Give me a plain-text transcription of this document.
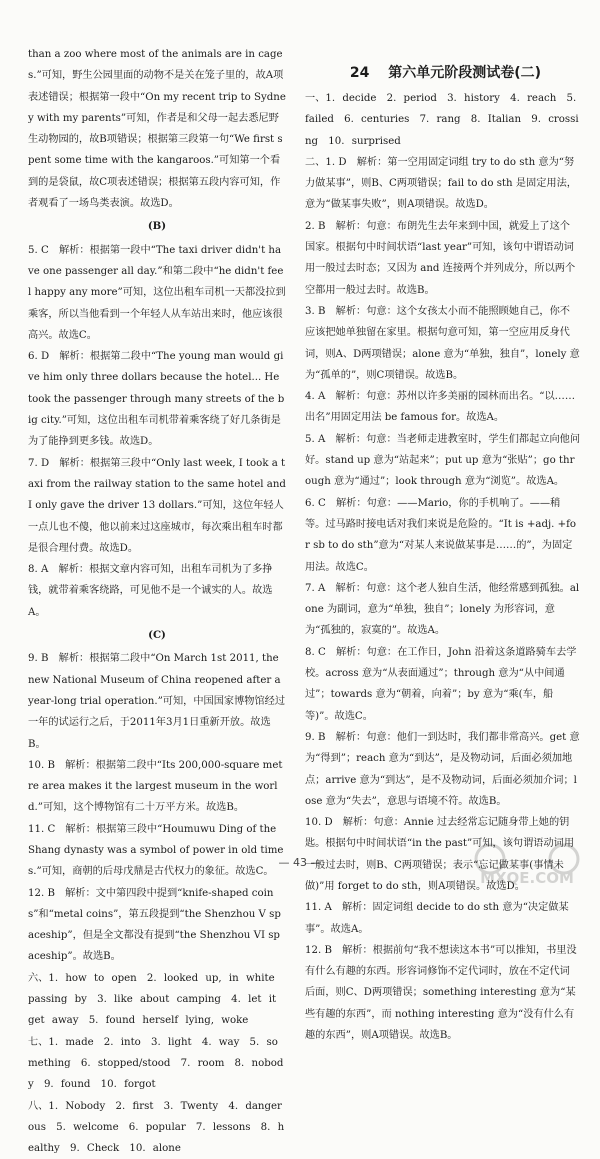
than a zoo where most of the animals are in cages.”可知，野生公园里面的动物不是关在笼子里的，故A项表述错误；根据第一段中“On my recent trip to Sydney with my parents”可知，作者是和父母一起去悉尼野生动物园的，故B项错误；根据第三段第一句“We first spent some time with the kangaroos.”可知第一个看到的是袋鼠，故C项表述错误；根据第五段内容可知，作者观看了一场鸟类表演。故选D。

(B)

5. C　解析：根据第一段中“The taxi driver didn't have one passenger all day.”和第二段中“he didn't feel happy any more”可知，这位出租车司机一天都没拉到乘客，所以当他看到一个年轻人从车站出来时，他应该很高兴。故选C。

6. D　解析：根据第二段中“The young man would give him only three dollars because the hotel... He took the passenger through many streets of the big city.”可知，这位出租车司机带着乘客绕了好几条街是为了能挣到更多钱。故选D。

7. D　解析：根据第三段中“Only last week, I took a taxi from the railway station to the same hotel and I only gave the driver 13 dollars.”可知，这位年轻人一点儿也不傻，他以前来过这座城市，每次乘出租车时都是很合理付费。故选D。

8. A　解析：根据文章内容可知，出租车司机为了多挣钱，就带着乘客绕路，可见他不是一个诚实的人。故选A。

(C)

9. B　解析：根据第二段中“On March 1st 2011, the new National Museum of China reopened after a year-long trial operation.”可知，中国国家博物馆经过一年的试运行之后，于2011年3月1日重新开放。故选B。

10. B　解析：根据第二段中“Its 200,000-square metre area makes it the largest museum in the world.”可知，这个博物馆有二十万平方米。故选B。

11. C　解析：根据第三段中“Houmuwu Ding of the Shang dynasty was a symbol of power in old times.”可知，商朝的后母戊鼎是古代权力的象征。故选C。

12. B　解析：文中第四段中提到“knife-shaped coins”和“metal coins”，第五段提到“the Shenzhou V spaceship”，但是全文都没有提到“the Shenzhou VI spaceship”。故选B。

六、1. how to open　2. looked up, in white passing by　3. like about camping　4. let it get away　5. found herself lying, woke

七、1. made　2. into　3. light　4. way　5. something　6. stopped/stood　7. room　8. nobody　9. found　10. forgot

八、1. Nobody　2. first　3. Twenty　4. dangerous　5. welcome　6. popular　7. lessons　8. healthy　9. Check　10. alone

24 第六单元阶段测试卷(二)

一、1. decide　2. period　3. history　4. reach　5. failed　6. centuries　7. rang　8. Italian　9. crossing　10. surprised

二、1. D　解析：第一空用固定词组 try to do sth 意为“努力做某事”，则B、C两项错误；fail to do sth 是固定用法，意为“做某事失败”，则A项错误。故选D。

2. B　解析：句意：布朗先生去年来到中国，就爱上了这个国家。根据句中时间状语“last year”可知，该句中谓语动词用一般过去时态；又因为 and 连接两个并列成分，所以两个空都用一般过去时。故选B。

3. B　解析：句意：这个女孩太小而不能照顾她自己，你不应该把她单独留在家里。根据句意可知，第一空应用反身代词，则A、D两项错误；alone 意为“单独，独自”，lonely 意为“孤单的”，则C项错误。故选B。

4. A　解析：句意：苏州以许多美丽的园林而出名。“以……出名”用固定用法 be famous for。故选A。

5. A　解析：句意：当老师走进教室时，学生们都起立向他问好。stand up 意为“站起来”；put up 意为“张贴”；go through 意为“通过”；look through 意为“浏览”。故选A。

6. C　解析：句意：——Mario，你的手机响了。——稍等。过马路时接电话对我们来说是危险的。“It is +adj. +for sb to do sth”意为“对某人来说做某事是……的”，为固定用法。故选C。

7. A　解析：句意：这个老人独自生活，他经常感到孤独。alone 为副词，意为“单独，独自”；lonely 为形容词，意为“孤独的，寂寞的”。故选A。

8. C　解析：句意：在工作日，John 沿着这条道路骑车去学校。across 意为“从表面通过”；through 意为“从中间通过”；towards 意为“朝着，向着”；by 意为“乘(车，船等)”。故选C。

9. B　解析：句意：他们一到达时，我们都非常高兴。get 意为“得到”；reach 意为“到达”，是及物动词，后面必须加地点；arrive 意为“到达”，是不及物动词，后面必须加介词；lose 意为“失去”，意思与语境不符。故选B。

10. D　解析：句意：Annie 过去经常忘记随身带上她的钥匙。根据句中时间状语“in the past”可知，该句谓语动词用一般过去时，则B、C两项错误；表示“忘记做某事(事情未做)”用 forget to do sth，则A项错误。故选D。

11. A　解析：固定词组 decide to do sth 意为“决定做某事”。故选A。

12. B　解析：根据前句“我不想读这本书”可以推知，书里没有什么有趣的东西。形容词修饰不定代词时，放在不定代词后面，则C、D两项错误；something interesting 意为“某些有趣的东西”，而 nothing interesting 意为“没有什么有趣的东西”，则A项错误。故选B。

— 43 —
MXQE.COM
